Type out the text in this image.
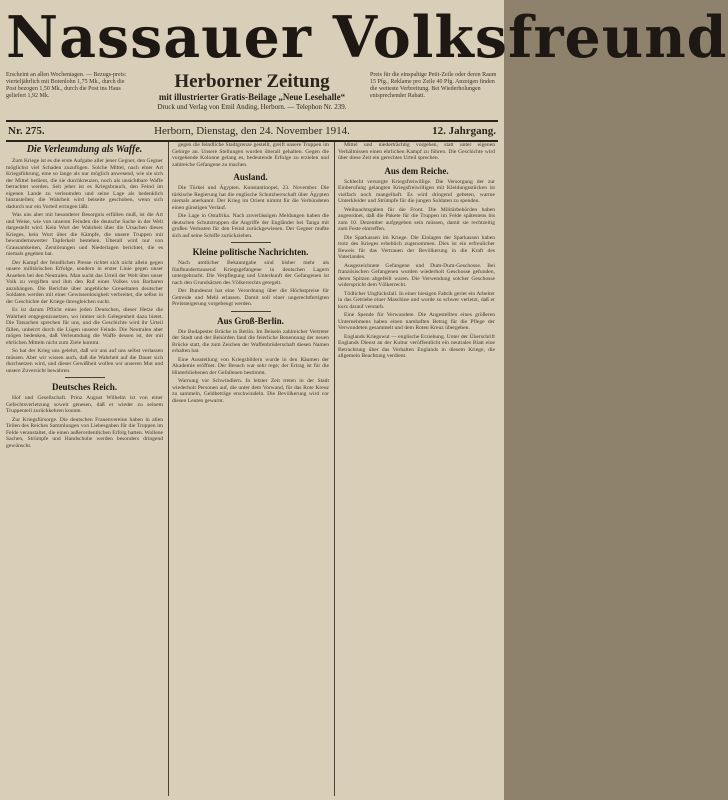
Nassauer Volksfreund
Erscheint an allen Wochentagen. — Bezugs-preis: vierteljährlich mit Botenlohn 1,75 Mk., durch die Post bezogen 1,50 Mk., durch die Post ins Haus geliefert 1,92 Mk.
Herborner Zeitung
mit illustrierter Gratis-Beilage „Neue Lesehalle“
Druck und Verlag von Emil Anding, Herborn. — Telephon Nr. 239.
Preis für die einspaltige Petit-Zeile oder deren Raum 15 Pfg., Reklame pro Zeile 40 Pfg. Anzeigen finden die weiteste Verbreitung. Bei Wiederholungen entsprechender Rabatt.
Nr. 275.	Herborn, Dienstag, den 24. November 1914.	12. Jahrgang.
Die Verleumdung als Waffe.

Zum Kriege ist es die erste Aufgabe aller jener Gegner, den Gegner möglichst viel Schaden zuzufügen. Solche Mittel, nach einer Art Kriegsführung, eine so lange als nur möglich anwesend, wie sie sich der Mittel bedient, die sie durchkreuzen, noch als unsichtbare Waffe betrachtet werden. Seit jeher ist es Kriegsbrauch, den Feind im eigenen Lande zu verleumden und seine Lage als bedenklich hinzustellen; die Wahrheit wird beiseite geschoben, wenn sich dadurch nur ein Vorteil erringen läßt.

Was uns aber mit besonderer Besorgnis erfüllen muß, ist die Art und Weise, wie von unseren Feinden die deutsche Sache in der Welt dargestellt wird. Kein Wort der Wahrheit über die Ursachen dieses Krieges, kein Wort über die Kämpfe, die unsere Truppen mit bewundernswerter Tapferkeit bestehen. Überall wird nur von Grausamkeiten, Zerstörungen und Niederlagen berichtet, die es niemals gegeben hat.

Der Kampf der feindlichen Presse richtet sich nicht allein gegen unsere militärischen Erfolge, sondern in erster Linie gegen unser Ansehen bei den Neutralen. Man sucht das Urteil der Welt über unser Volk zu vergiften und ihm den Ruf eines Volkes von Barbaren anzuhängen. Die Berichte über angebliche Greueltaten deutscher Soldaten werden mit einer Gewissenlosigkeit verbreitet, die selbst in der Geschichte der Kriege ihresgleichen sucht.

Es ist darum Pflicht eines jeden Deutschen, dieser Hetze die Wahrheit entgegenzusetzen, wo immer sich Gelegenheit dazu bietet. Die Tatsachen sprechen für uns, und die Geschichte wird ihr Urteil fällen, unbeirrt durch die Lügen unserer Feinde. Die Neutralen aber mögen bedenken, daß Verleumdung die Waffe dessen ist, der mit ehrlichen Mitteln nicht zum Ziele kommt.

So hat der Krieg uns gelehrt, daß wir uns auf uns selbst verlassen müssen. Aber wir wissen auch, daß die Wahrheit auf die Dauer sich durchsetzen wird, und dieser Gewißheit wollen wir unseren Mut und unsere Zuversicht bewahren.

Deutsches Reich.

Hof und Gesellschaft. Prinz August Wilhelm ist von einer Gefechtsverletzung soweit genesen, daß er wieder zu seinem Truppenteil zurückkehren konnte.

Zur Kriegsfürsorge. Die deutschen Frauenvereine haben in allen Teilen des Reiches Sammlungen von Liebesgaben für die Truppen im Felde veranstaltet, die einen außerordentlichen Erfolg hatten. Wollene Sachen, Strümpfe und Handschuhe werden besonders dringend gewünscht.

gegen die feindliche Stadtgrenze gestellt, greift unsere Truppen im Gebirge an. Unsere Stellungen wurden überall gehalten. Gegen die vorgehende Kolonne gelang es, bedeutende Erfolge zu erzielen und zahlreiche Gefangene zu machen.

Ausland.

Die Türkei und Ägypten. Konstantinopel, 23. November. Die türkische Regierung hat die englische Schutzherrschaft über Ägypten niemals anerkannt. Der Krieg im Orient nimmt für die Verbündeten einen günstigen Verlauf.

Die Lage in Ostafrika. Nach zuverlässigen Meldungen haben die deutschen Schutztruppen die Angriffe der Engländer bei Tanga mit großen Verlusten für den Feind zurückgewiesen. Der Gegner mußte sich auf seine Schiffe zurückziehen.

Kleine politische Nachrichten.

Nach amtlicher Bekanntgabe sind bisher mehr als fünfhunderttausend Kriegsgefangene in deutschen Lagern untergebracht. Die Verpflegung und Unterkunft der Gefangenen ist nach den Grundsätzen des Völkerrechts geregelt.

Der Bundesrat hat eine Verordnung über die Höchstpreise für Getreide und Mehl erlassen. Damit soll einer ungerechtfertigten Preissteigerung vorgebeugt werden.

Aus Groß-Berlin.

Die Budapester Brücke in Berlin. Im Beisein zahlreicher Vertreter der Stadt und der Behörden fand die feierliche Benennung der neuen Brücke statt, die zum Zeichen der Waffenbrüderschaft diesen Namen erhalten hat.

Eine Ausstellung von Kriegsbildern wurde in den Räumen der Akademie eröffnet. Der Besuch war sehr rege; der Ertrag ist für die Hinterbliebenen der Gefallenen bestimmt.

Warnung vor Schwindlern. In letzter Zeit treten in der Stadt wiederholt Personen auf, die unter dem Vorwand, für das Rote Kreuz zu sammeln, Geldbeträge erschwindeln. Die Bevölkerung wird vor diesen Leuten gewarnt.

Mittel und niederträchtig vorgehen, statt unter eigenen Verhältnissen einen ehrlichen Kampf zu führen. Die Geschichte wird über diese Zeit ein gerechtes Urteil sprechen.

Aus dem Reiche.

Schlecht versorgte Kriegsfreiwillige. Die Versorgung der zur Einberufung gelangten Kriegsfreiwilligen mit Kleidungsstücken ist vielfach noch mangelhaft. Es wird dringend gebeten, warme Unterkleider und Strümpfe für die jungen Soldaten zu spenden.

Weihnachtsgaben für die Front. Die Militärbehörden haben angeordnet, daß die Pakete für die Truppen im Felde spätestens bis zum 10. Dezember aufgegeben sein müssen, damit sie rechtzeitig zum Feste eintreffen.

Die Sparkassen im Kriege. Die Einlagen der Sparkassen haben trotz des Krieges erheblich zugenommen. Dies ist ein erfreulicher Beweis für das Vertrauen der Bevölkerung in die Kraft des Vaterlandes.

Ausgezeichnete Gefangene und Dum-Dum-Geschosse. Bei französischen Gefangenen wurden wiederholt Geschosse gefunden, deren Spitzen abgefeilt waren. Die Verwendung solcher Geschosse widerspricht dem Völkerrecht.

Tödlicher Unglücksfall. In einer hiesigen Fabrik geriet ein Arbeiter in das Getriebe einer Maschine und wurde so schwer verletzt, daß er kurz darauf verstarb.

Eine Spende für Verwundete. Die Angestellten eines größeren Unternehmens haben einen namhaften Betrag für die Pflege der Verwundeten gesammelt und dem Roten Kreuz übergeben.

Englands Kriegswut — englische Erziehung. Unter der Überschrift Englands Dienst an der Kultur veröffentlicht ein neutrales Blatt eine Betrachtung über das Verhalten Englands in diesem Kriege, die allgemein Beachtung verdient.
